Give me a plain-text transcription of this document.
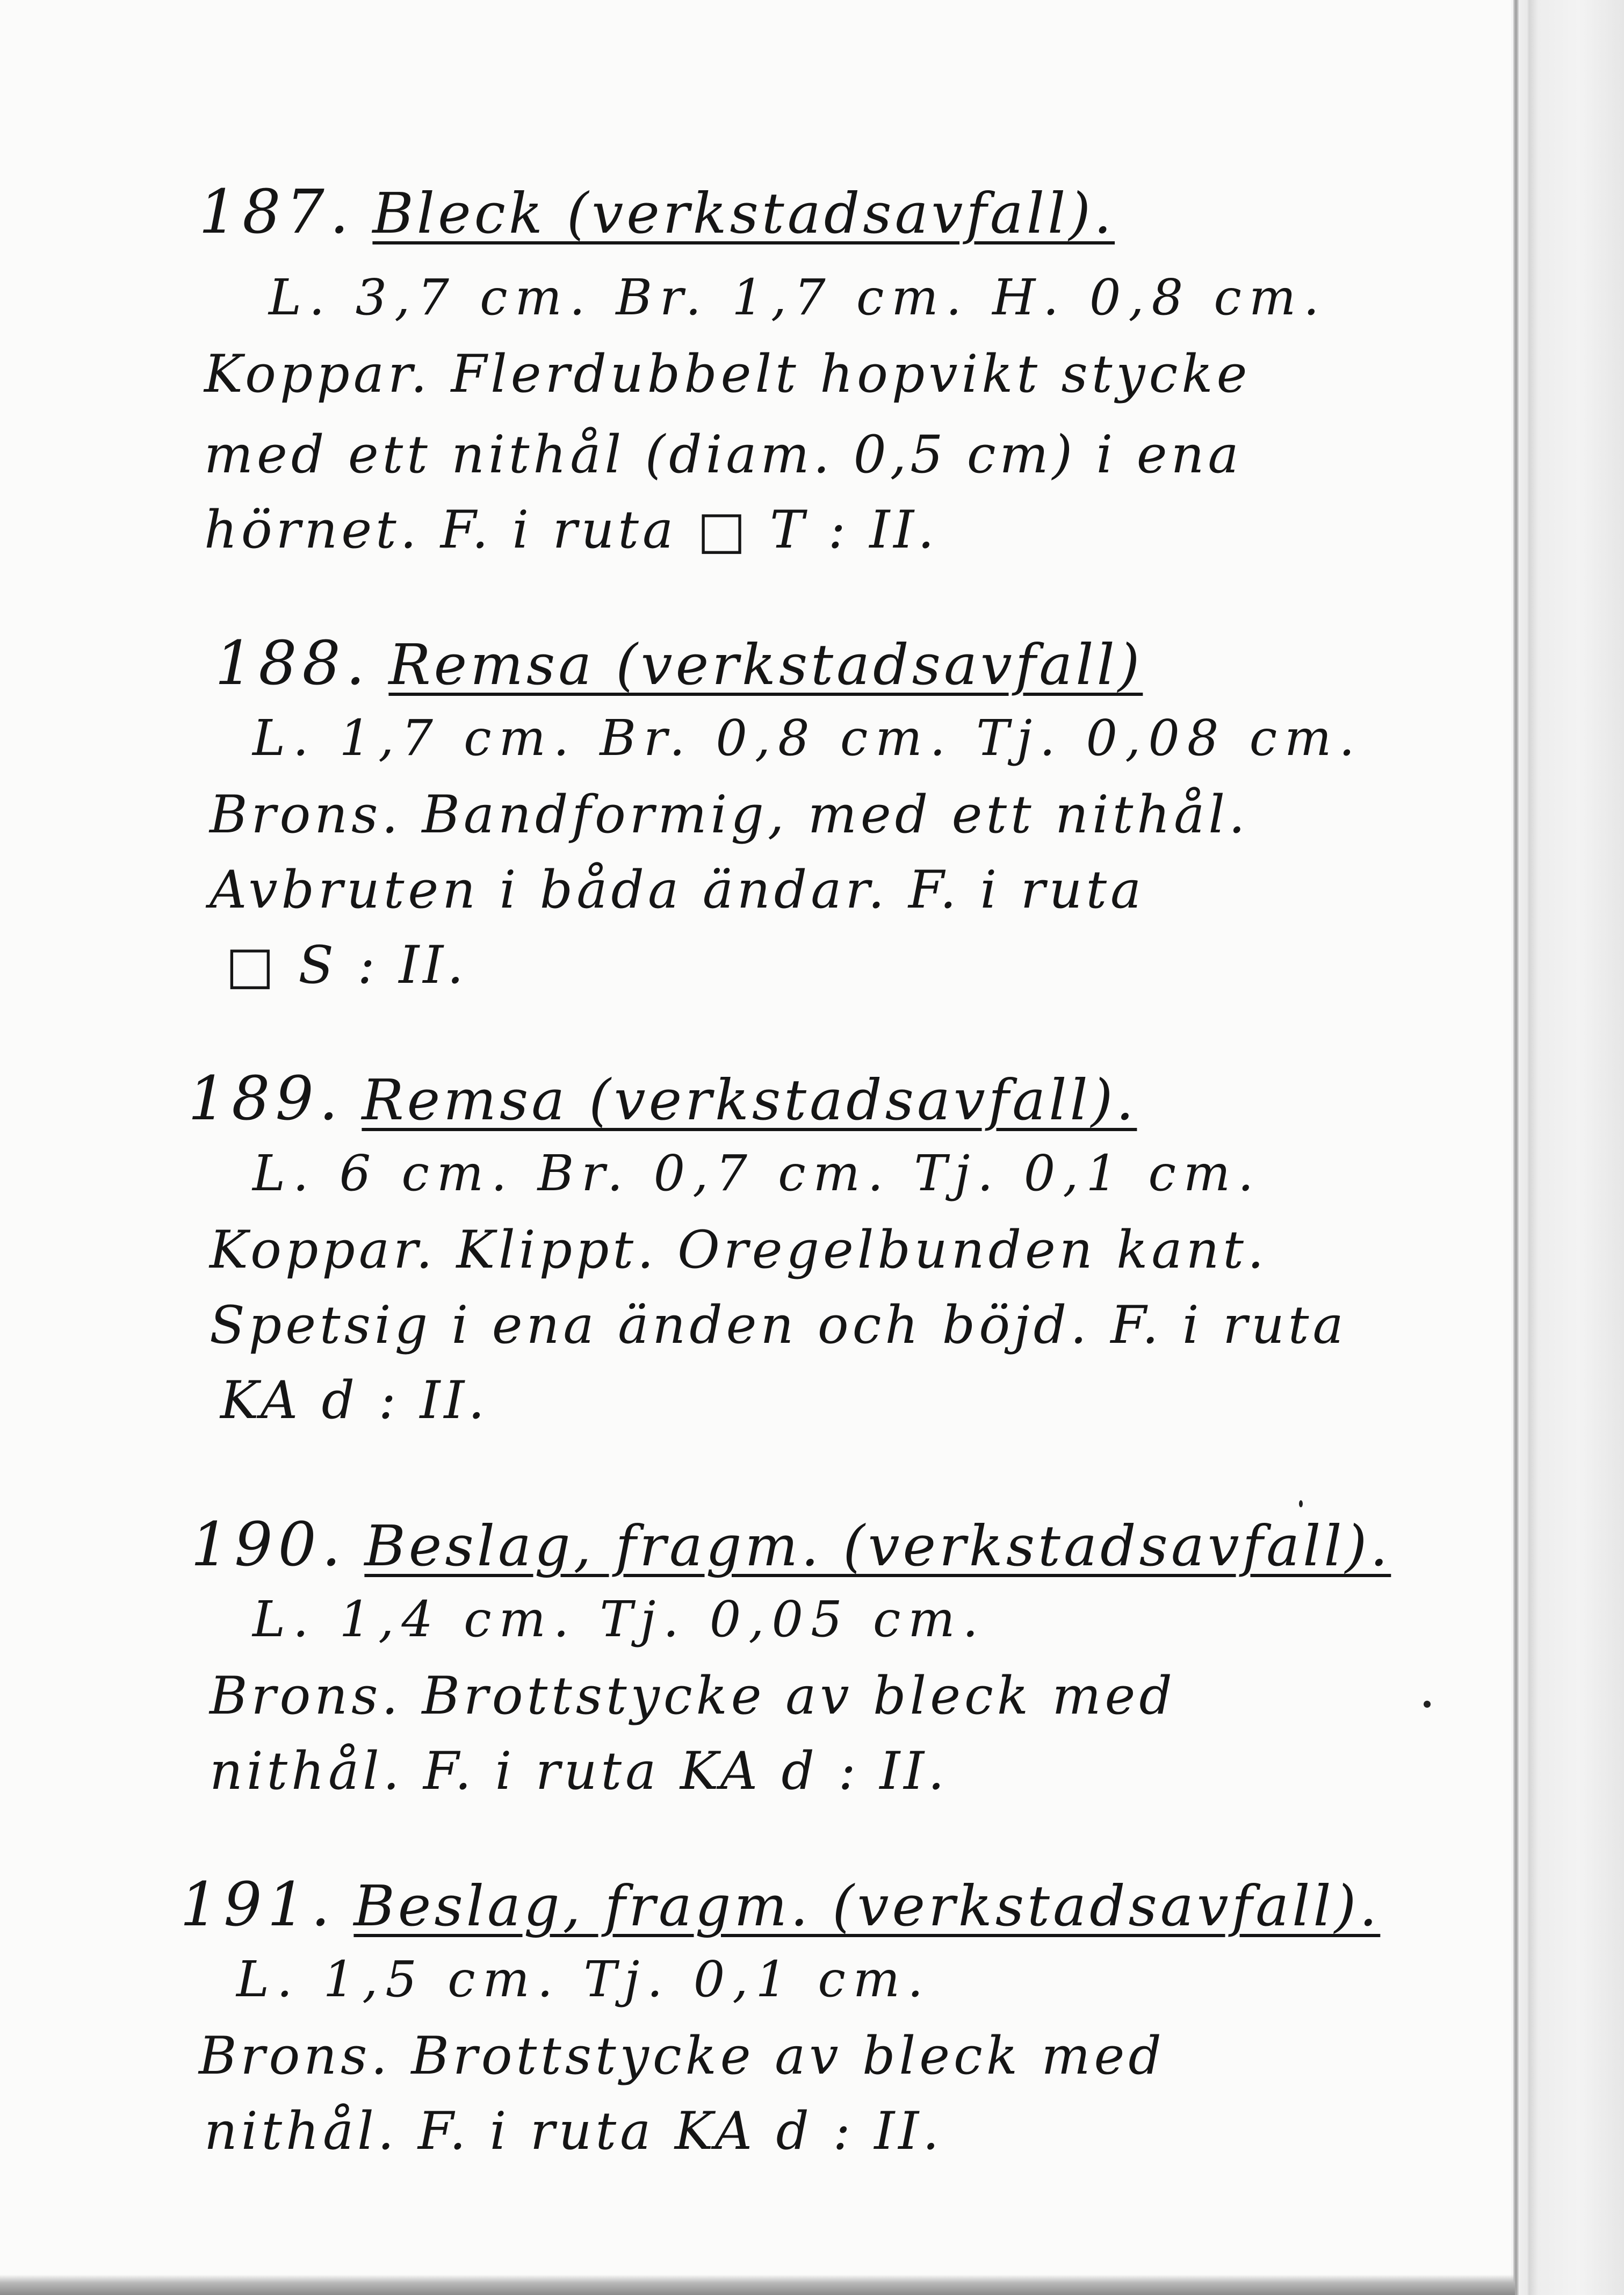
187. Bleck (verkstadsavfall).
L. 3,7 cm. Br. 1,7 cm. H. 0,8 cm.
Koppar. Flerdubbelt hopvikt stycke
med ett nithål (diam. 0,5 cm) i ena
hörnet. F. i ruta □ T : II.
188. Remsa (verkstadsavfall)
L. 1,7 cm. Br. 0,8 cm. Tj. 0,08 cm.
Brons. Bandformig, med ett nithål.
Avbruten i båda ändar. F. i ruta
□ S : II.
189. Remsa (verkstadsavfall).
L. 6 cm. Br. 0,7 cm. Tj. 0,1 cm.
Koppar. Klippt. Oregelbunden kant.
Spetsig i ena änden och böjd. F. i ruta
KA d : II.
190. Beslag, fragm. (verkstadsavfall).
L. 1,4 cm. Tj. 0,05 cm.
Brons. Brottstycke av bleck med
nithål. F. i ruta KA d : II.
191. Beslag, fragm. (verkstadsavfall).
L. 1,5 cm. Tj. 0,1 cm.
Brons. Brottstycke av bleck med
nithål. F. i ruta KA d : II.
